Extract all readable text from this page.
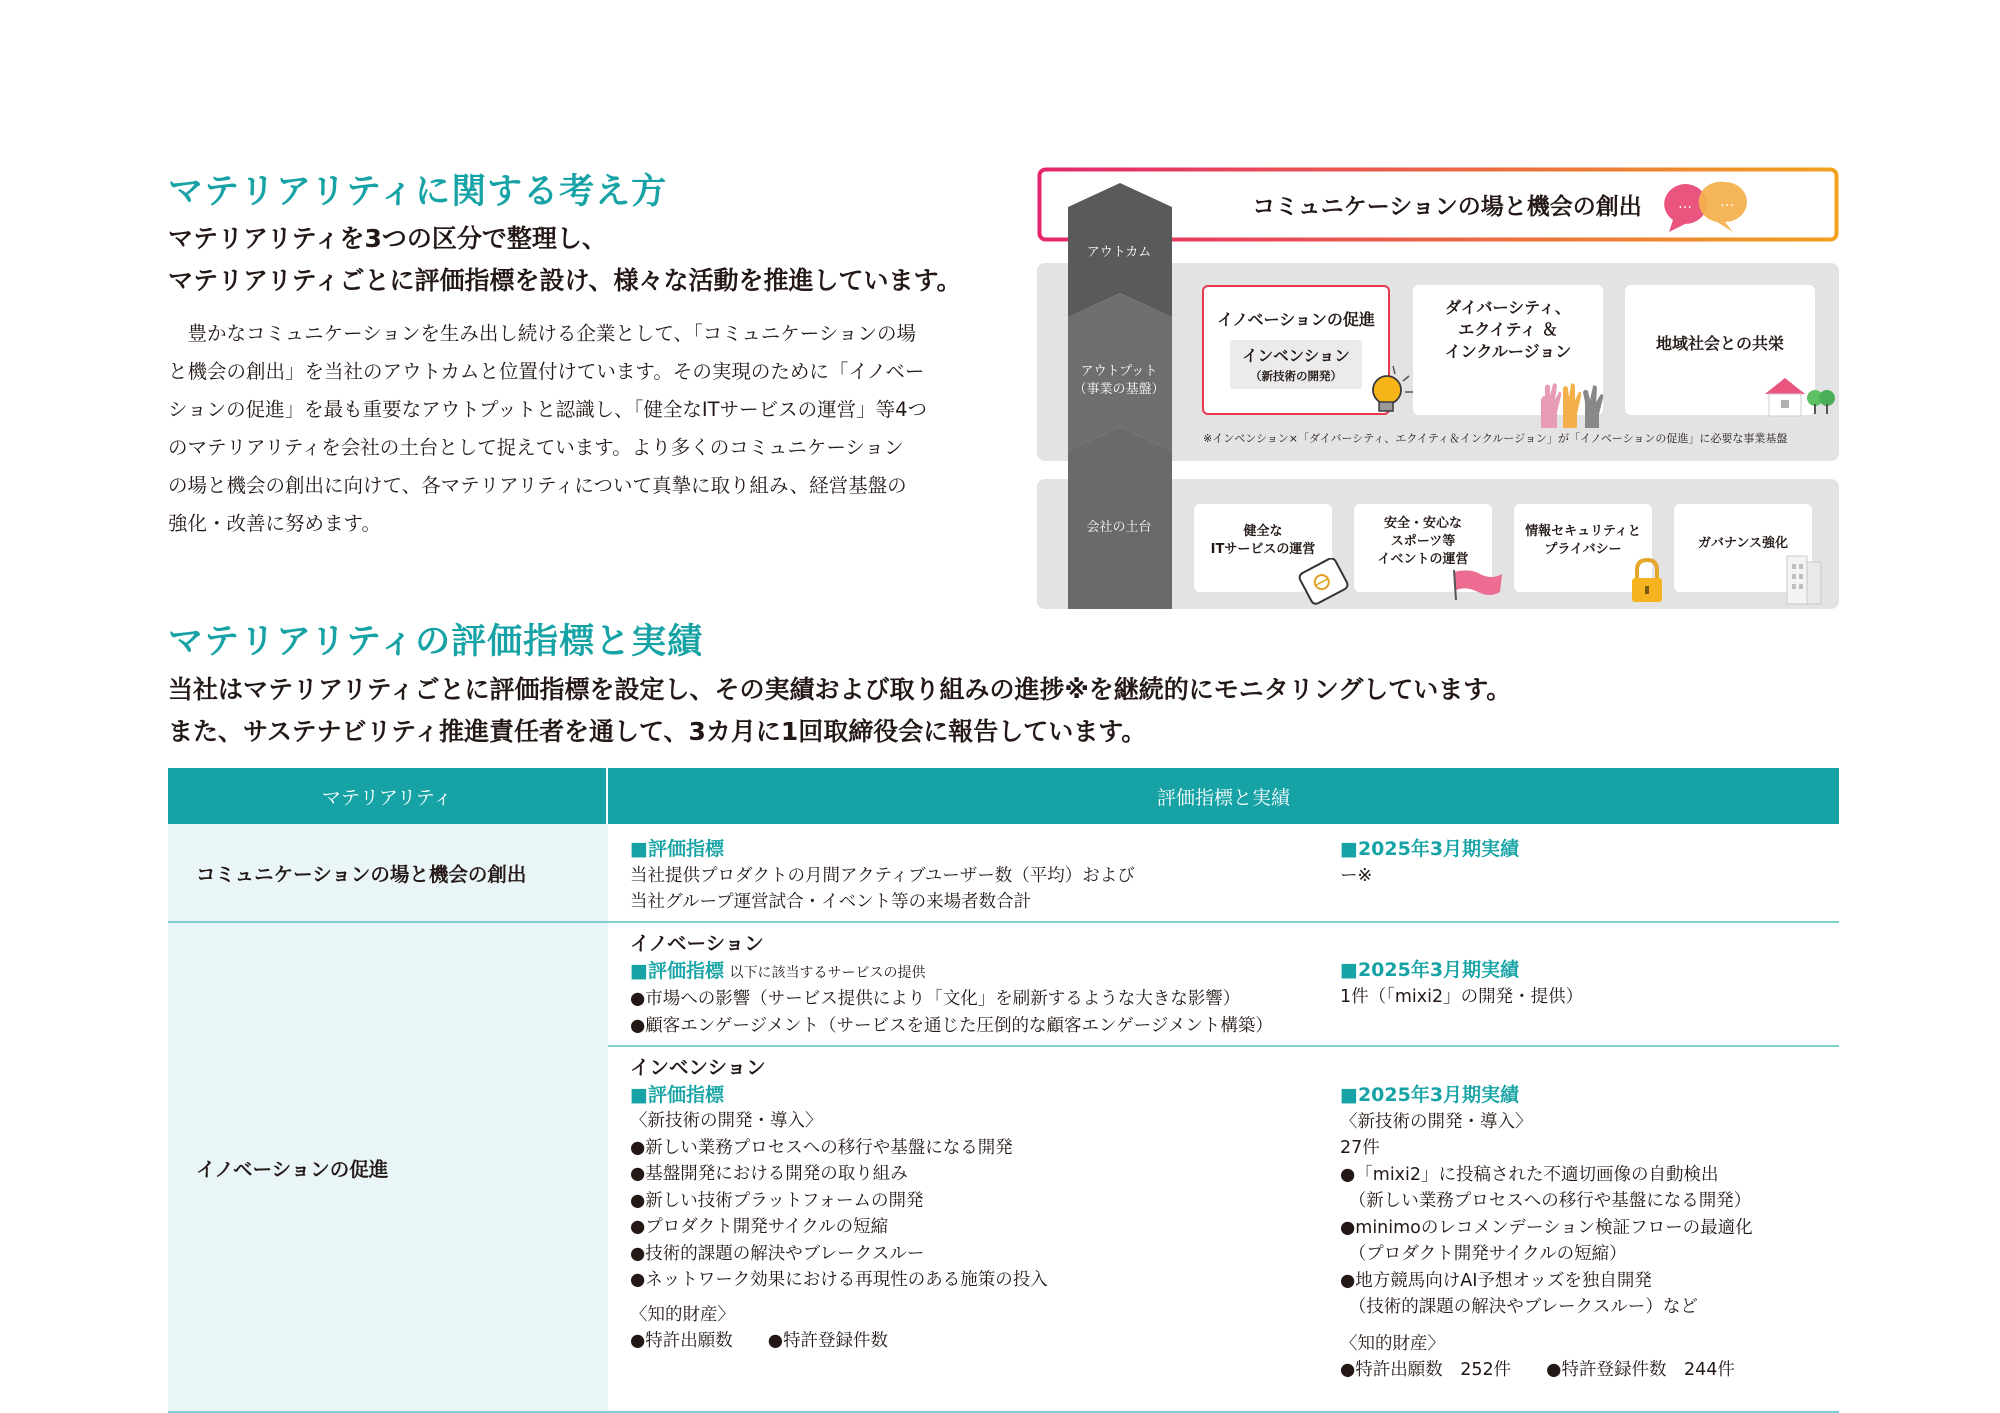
マテリアリティに関する考え方
マテリアリティを3つの区分で整理し、
マテリアリティごとに評価指標を設け、様々な活動を推進しています。
　豊かなコミュニケーションを生み出し続ける企業として、「コミュニケーションの場
と機会の創出」を当社のアウトカムと位置付けています。その実現のために「イノベー
ションの促進」を最も重要なアウトプットと認識し、「健全なITサービスの運営」等4つ
のマテリアリティを会社の土台として捉えています。より多くのコミュニケーション
の場と機会の創出に向けて、各マテリアリティについて真摯に取り組み、経営基盤の
強化・改善に努めます。
コミュニケーションの場と機会の創出	… …
アウトカム
アウトプット
（事業の基盤）
会社の土台
イノベーションの促進
インベンション
（新技術の開発）
ダイバーシティ、
エクイティ ＆
インクルージョン	地域社会との共栄
※インベンション×「ダイバーシティ、エクイティ＆インクルージョン」が「イノベーションの促進」に必要な事業基盤
健全な
ITサービスの運営
安全・安心な
スポーツ等
イベントの運営
情報セキュリティと
プライバシー	ガバナンス強化
マテリアリティの評価指標と実績
当社はマテリアリティごとに評価指標を設定し、その実績および取り組みの進捗※を継続的にモニタリングしています。
また、サステナビリティ推進責任者を通して、3カ月に1回取締役会に報告しています。
マテリアリティ	評価指標と実績
コミュニケーションの場と機会の創出
■評価指標
当社提供プロダクトの月間アクティブユーザー数（平均）および
当社グループ運営試合・イベント等の来場者数合計
■2025年3月期実績
ー※
イノベーションの促進
イノベーション
■評価指標 以下に該当するサービスの提供
●市場への影響（サービス提供により「文化」を刷新するような大きな影響）
●顧客エンゲージメント（サービスを通じた圧倒的な顧客エンゲージメント構築）
■2025年3月期実績
1件（「mixi2」の開発・提供）
インベンション
■評価指標
〈新技術の開発・導入〉
●新しい業務プロセスへの移行や基盤になる開発
●基盤開発における開発の取り組み
●新しい技術プラットフォームの開発
●プロダクト開発サイクルの短縮
●技術的課題の解決やブレークスルー
●ネットワーク効果における再現性のある施策の投入
〈知的財産〉
●特許出願数　　●特許登録件数
■2025年3月期実績
〈新技術の開発・導入〉
27件
●「mixi2」に投稿された不適切画像の自動検出
　（新しい業務プロセスへの移行や基盤になる開発）
●minimoのレコメンデーション検証フローの最適化
　（プロダクト開発サイクルの短縮）
●地方競馬向けAI予想オッズを独自開発
　（技術的課題の解決やブレークスルー）など
〈知的財産〉
●特許出願数　252件　　●特許登録件数　244件
